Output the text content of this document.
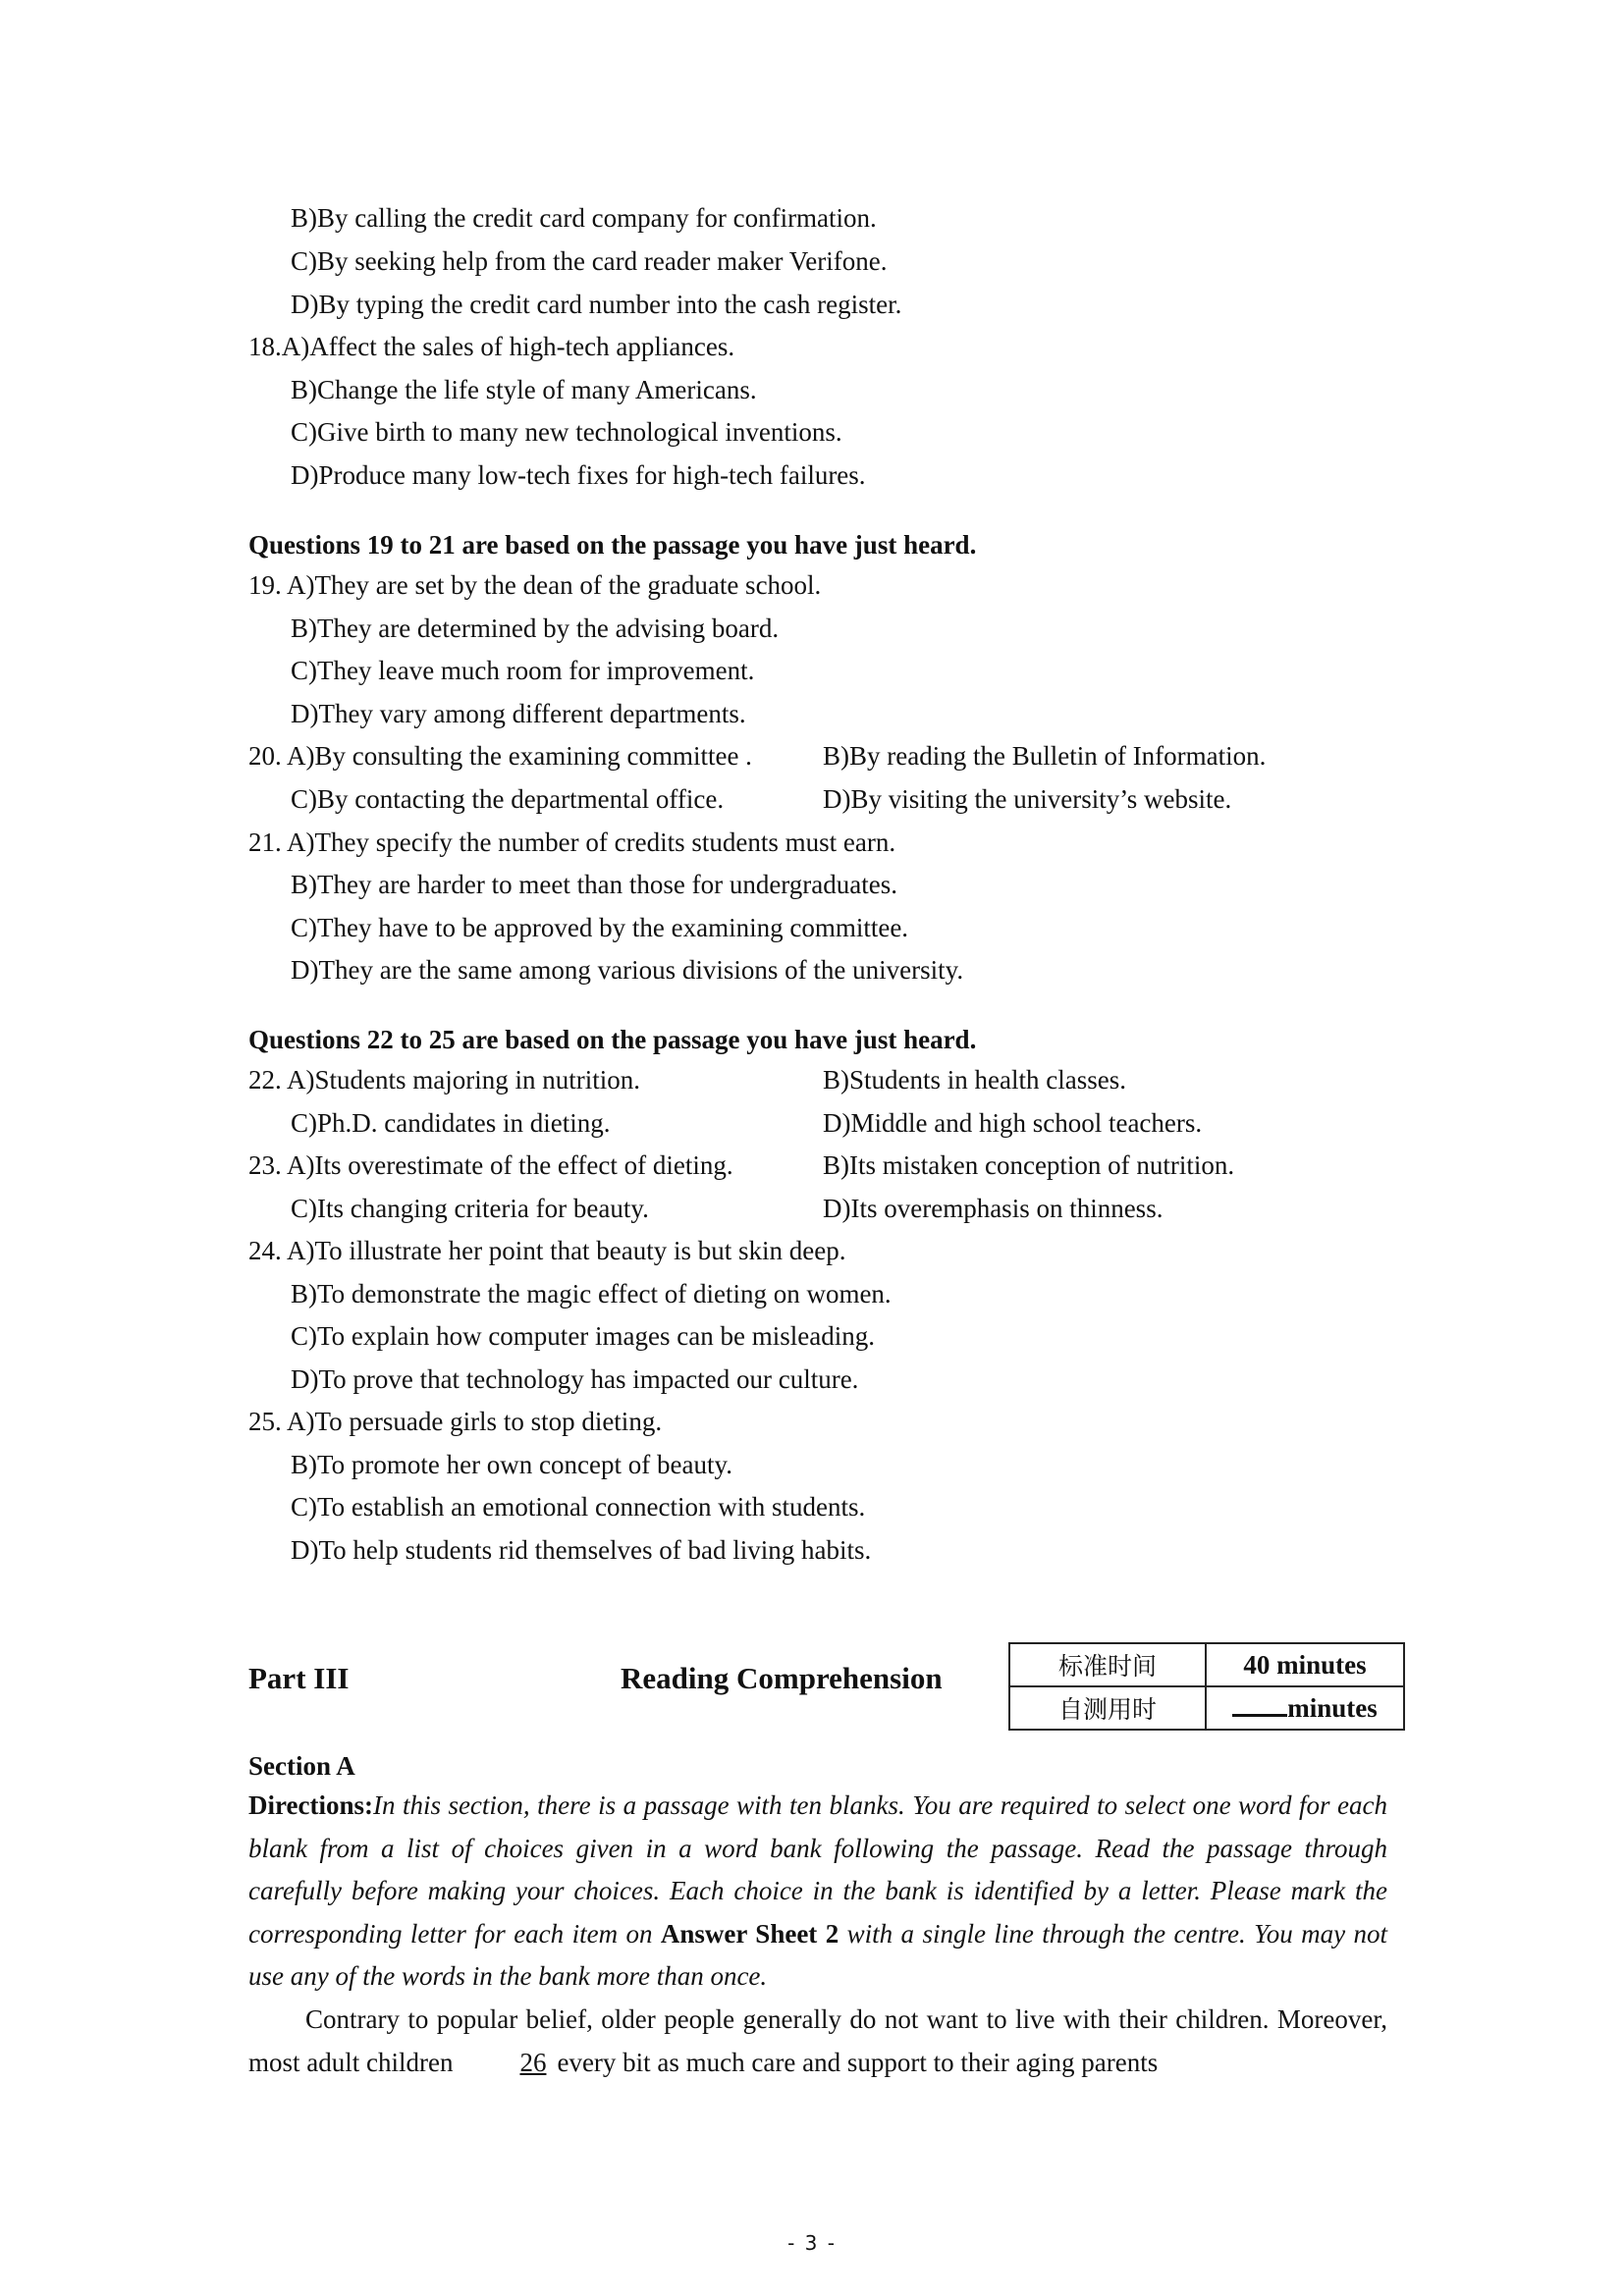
B)By calling the credit card company for confirmation.
C)By seeking help from the card reader maker Verifone.
D)By typing the credit card number into the cash register.
18.A)Affect the sales of high-tech appliances.
B)Change the life style of many Americans.
C)Give birth to many new technological inventions.
D)Produce many low-tech fixes for high-tech failures.
Questions 19 to 21 are based on the passage you have just heard.
19. A)They are set by the dean of the graduate school.
B)They are determined by the advising board.
C)They leave much room for improvement.
D)They vary among different departments.
20. A)By consulting the examining committee .	B)By reading the Bulletin of Information.
C)By contacting the departmental office.	D)By visiting the university’s website.
21. A)They specify the number of credits students must earn.
B)They are harder to meet than those for undergraduates.
C)They have to be approved by the examining committee.
D)They are the same among various divisions of the university.
Questions 22 to 25 are based on the passage you have just heard.
22. A)Students majoring in nutrition.	B)Students in health classes.
C)Ph.D. candidates in dieting.	D)Middle and high school teachers.
23. A)Its overestimate of the effect of dieting.	B)Its mistaken conception of nutrition.
C)Its changing criteria for beauty.	D)Its overemphasis on thinness.
24. A)To illustrate her point that beauty is but skin deep.
B)To demonstrate the magic effect of dieting on women.
C)To explain how computer images can be misleading.
D)To prove that technology has impacted our culture.
25. A)To persuade girls to stop dieting.
B)To promote her own concept of beauty.
C)To establish an emotional connection with students.
D)To help students rid themselves of bad living habits.
Part III	Reading Comprehension	标准时间	40 minutes
自测用时	minutes
Section A
Directions:In this section, there is a passage with ten blanks. You are required to select one word for each blank from a list of choices given in a word bank following the passage. Read the passage through carefully before making your choices. Each choice in the bank is identified by a letter. Please mark the corresponding letter for each item on Answer Sheet 2 with a single line through the centre. You may not use any of the words in the bank more than once.
Contrary to popular belief, older people generally do not want to live with their children. Moreover, most adult children	26 every bit as much care and support to their aging parents
- 3 -
